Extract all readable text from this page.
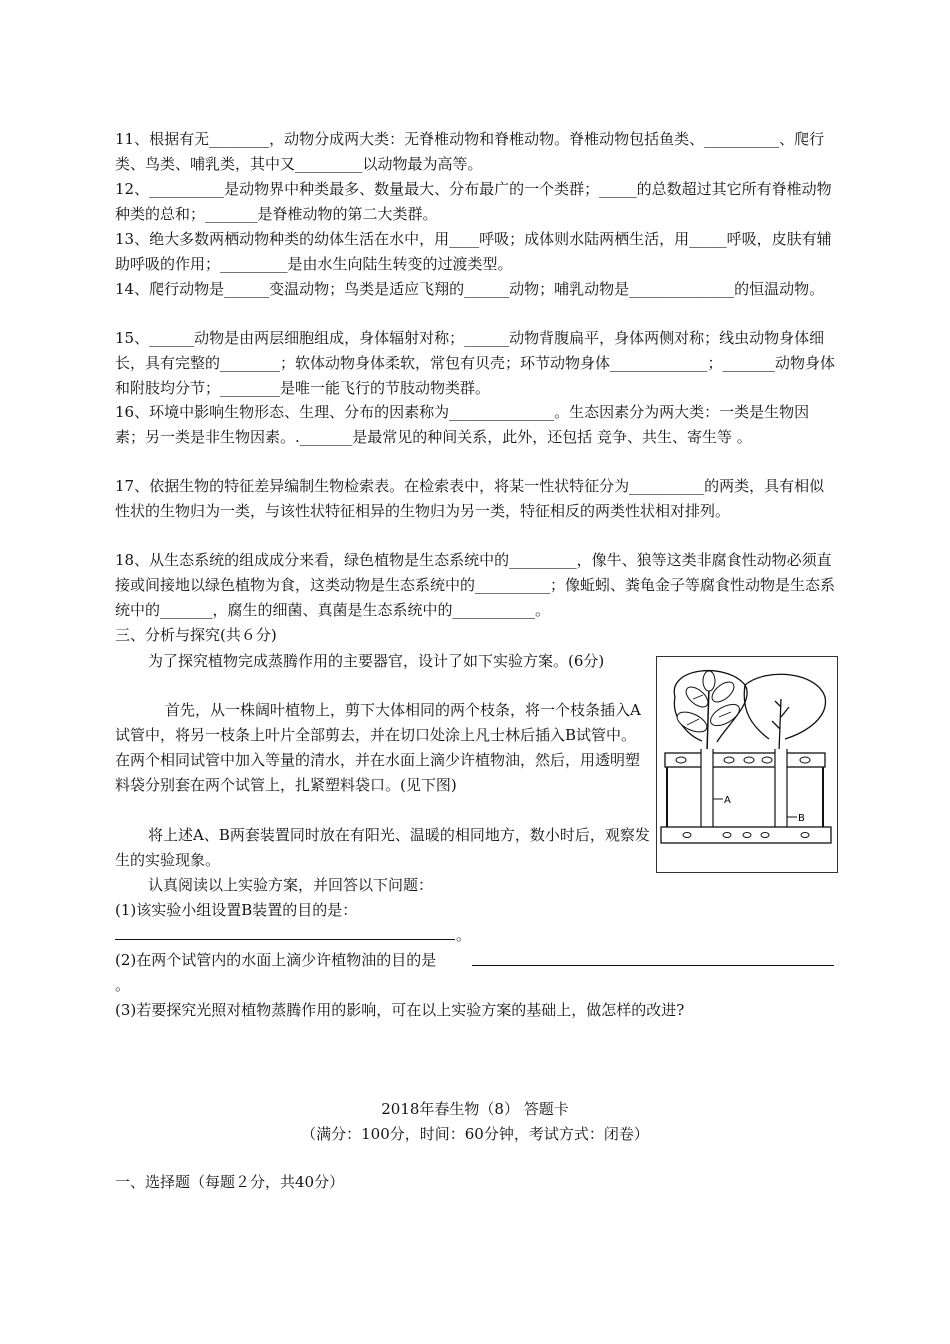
11、根据有无________，动物分成两大类：无脊椎动物和脊椎动物。脊椎动物包括鱼类、__________、爬行类、鸟类、哺乳类，其中又_________以动物最为高等。

12、__________是动物界中种类最多、数量最大、分布最广的一个类群；_____的总数超过其它所有脊椎动物种类的总和；_______是脊椎动物的第二大类群。

13、绝大多数两栖动物种类的幼体生活在水中，用____呼吸；成体则水陆两栖生活，用_____呼吸，皮肤有辅助呼吸的作用；_________是由水生向陆生转变的过渡类型。

14、爬行动物是______变温动物；鸟类是适应飞翔的______动物；哺乳动物是______________的恒温动物。

15、______动物是由两层细胞组成，身体辐射对称；______动物背腹扁平，身体两侧对称；线虫动物身体细长，具有完整的________；软体动物身体柔软，常包有贝壳；环节动物身体_____________；_______动物身体和附肢均分节；________是唯一能飞行的节肢动物类群。

16、环境中影响生物形态、生理、分布的因素称为______________。生态因素分为两大类：一类是生物因素；另一类是非生物因素。._______是最常见的种间关系，此外，还包括 竞争、共生、寄生等 。

17、依据生物的特征差异编制生物检索表。在检索表中，将某一性状特征分为__________的两类，具有相似性状的生物归为一类，与该性状特征相异的生物归为另一类，特征相反的两类性状相对排列。

18、从生态系统的组成成分来看，绿色植物是生态系统中的_________，像牛、狼等这类非腐食性动物必须直接或间接地以绿色植物为食，这类动物是生态系统中的__________；像蚯蚓、粪龟金子等腐食性动物是生态系统中的_______，腐生的细菌、真菌是生态系统中的___________。

三、分析与探究(共６分)

为了探究植物完成蒸腾作用的主要器官，设计了如下实验方案。(6分)

首先，从一株阔叶植物上，剪下大体相同的两个枝条，将一个枝条插入A试管中，将另一枝条上叶片全部剪去，并在切口处涂上凡士林后插入B试管中。在两个相同试管中加入等量的清水，并在水面上滴少许植物油，然后，用透明塑料袋分别套在两个试管上，扎紧塑料袋口。(见下图)

将上述A、B两套装置同时放在有阳光、温暖的相同地方，数小时后，观察发生的实验现象。

A
B

认真阅读以上实验方案，并回答以下问题：

(1)该实验小组设置B装置的目的是：

。

(2)在两个试管内的水面上滴少许植物油的目的是

。

(3)若要探究光照对植物蒸腾作用的影响，可在以上实验方案的基础上，做怎样的改进?

2018年春生物（8） 答题卡

（满分：100分，时间：60分钟，考试方式：闭卷）

一、选择题（每题２分，共40分）
